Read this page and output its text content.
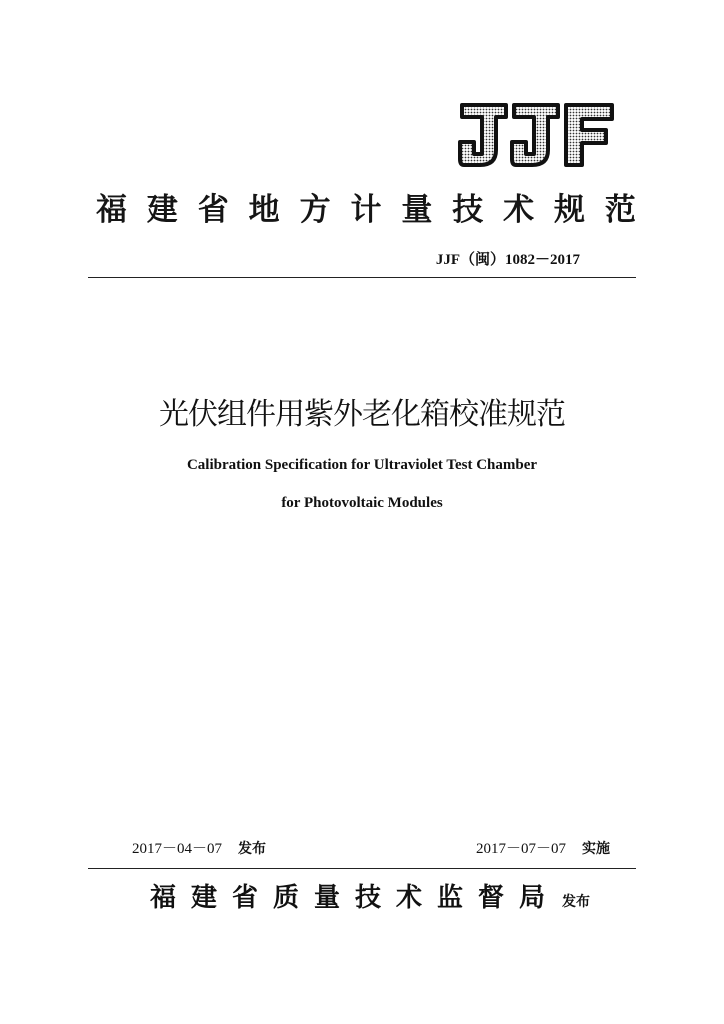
JJF
福 建 省 地 方 计 量 技 术 规 范
JJF（闽）1082－2017
光伏组件用紫外老化箱校准规范
Calibration Specification for Ultraviolet Test Chamber
for Photovoltaic Modules
2017－04－07 发布	2017－07－07 实施
福建省质量技术监督局 发布
